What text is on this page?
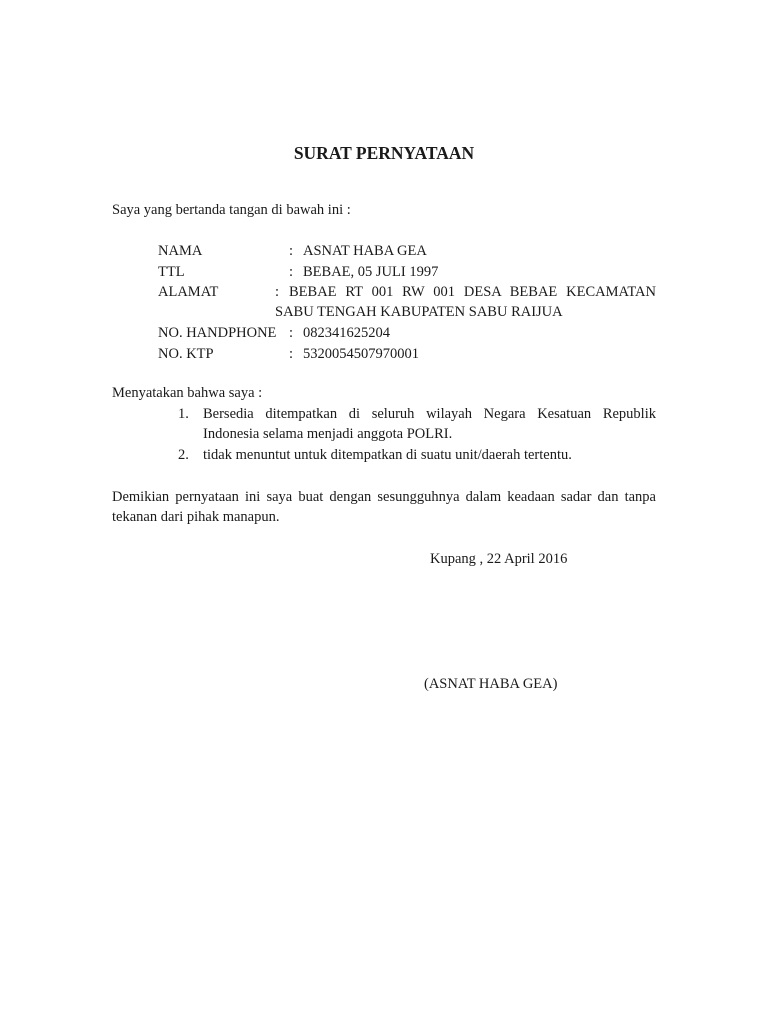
SURAT PERNYATAAN
Saya yang bertanda tangan di bawah ini :
NAMA	: ASNAT HABA GEA
TTL	: BEBAE, 05 JULI 1997
ALAMAT	: BEBAE RT 001 RW 001 DESA BEBAE KECAMATAN SABU TENGAH KABUPATEN SABU RAIJUA
NO. HANDPHONE : 082341625204
NO. KTP	: 5320054507970001
Menyatakan bahwa saya :
1. Bersedia ditempatkan di seluruh wilayah Negara Kesatuan Republik Indonesia selama menjadi anggota POLRI.
2. tidak menuntut untuk ditempatkan di suatu unit/daerah tertentu.
Demikian pernyataan ini saya buat dengan sesungguhnya dalam keadaan sadar dan tanpa tekanan dari pihak manapun.
Kupang , 22 April 2016
(ASNAT HABA GEA)
